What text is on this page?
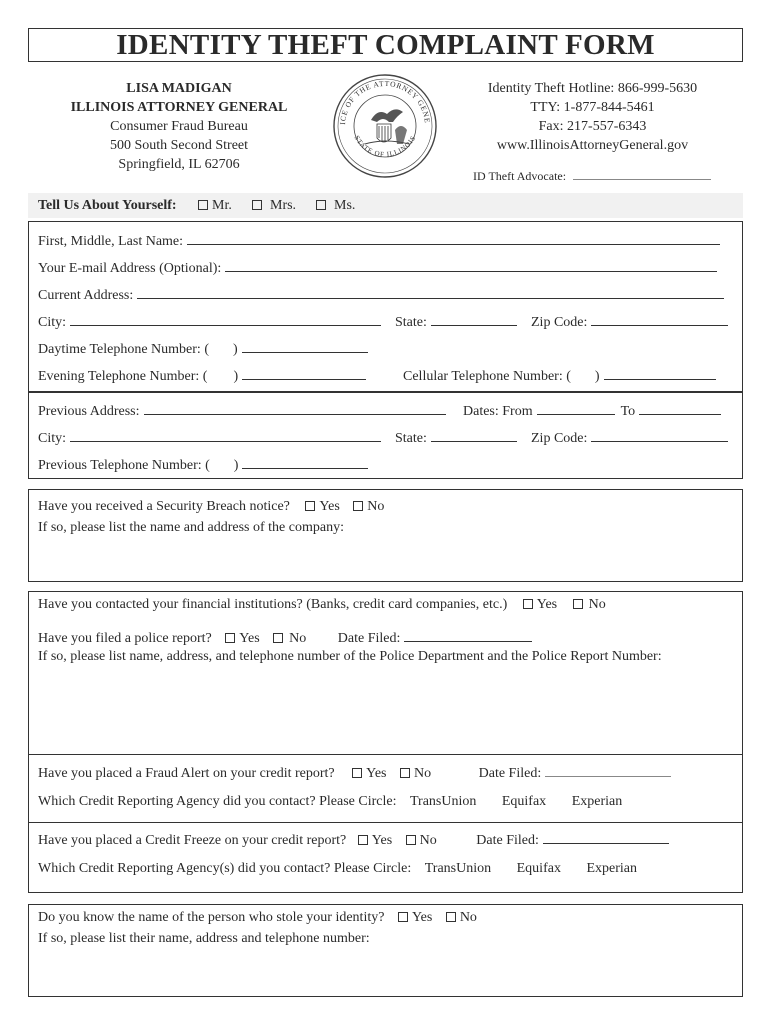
IDENTITY THEFT COMPLAINT FORM
LISA MADIGAN
ILLINOIS ATTORNEY GENERAL
Consumer Fraud Bureau
500 South Second Street
Springfield, IL 62706
ICE OF THE ATTORNEY GENE
STATE OF ILLINOIS
Identity Theft Hotline: 866-999-5630
TTY: 1-877-844-5461
Fax: 217-557-6343
www.IllinoisAttorneyGeneral.gov
ID Theft Advocate:
Tell Us About Yourself:	Mr.	Mrs.	Ms.
First, Middle, Last Name:
Your E-mail Address (Optional):
Current Address:
City:	State:	Zip Code:
Daytime Telephone Number: ( )
Evening Telephone Number: ( )	Cellular Telephone Number: ( )
Previous Address:	Dates: From	To
City:	State:	Zip Code:
Previous Telephone Number: ( )
Have you received a Security Breach notice? Yes No
If so, please list the name and address of the company:
Have you contacted your financial institutions? (Banks, credit card companies, etc.) Yes No
Have you filed a police report? Yes No Date Filed:
If so, please list name, address, and telephone number of the Police Department and the Police Report Number:
Have you placed a Fraud Alert on your credit report? Yes No	Date Filed:
Which Credit Reporting Agency did you contact? Please Circle: TransUnion Equifax Experian
Have you placed a Credit Freeze on your credit report? Yes No	Date Filed:
Which Credit Reporting Agency(s) did you contact? Please Circle: TransUnion Equifax Experian
Do you know the name of the person who stole your identity? Yes No
If so, please list their name, address and telephone number:
